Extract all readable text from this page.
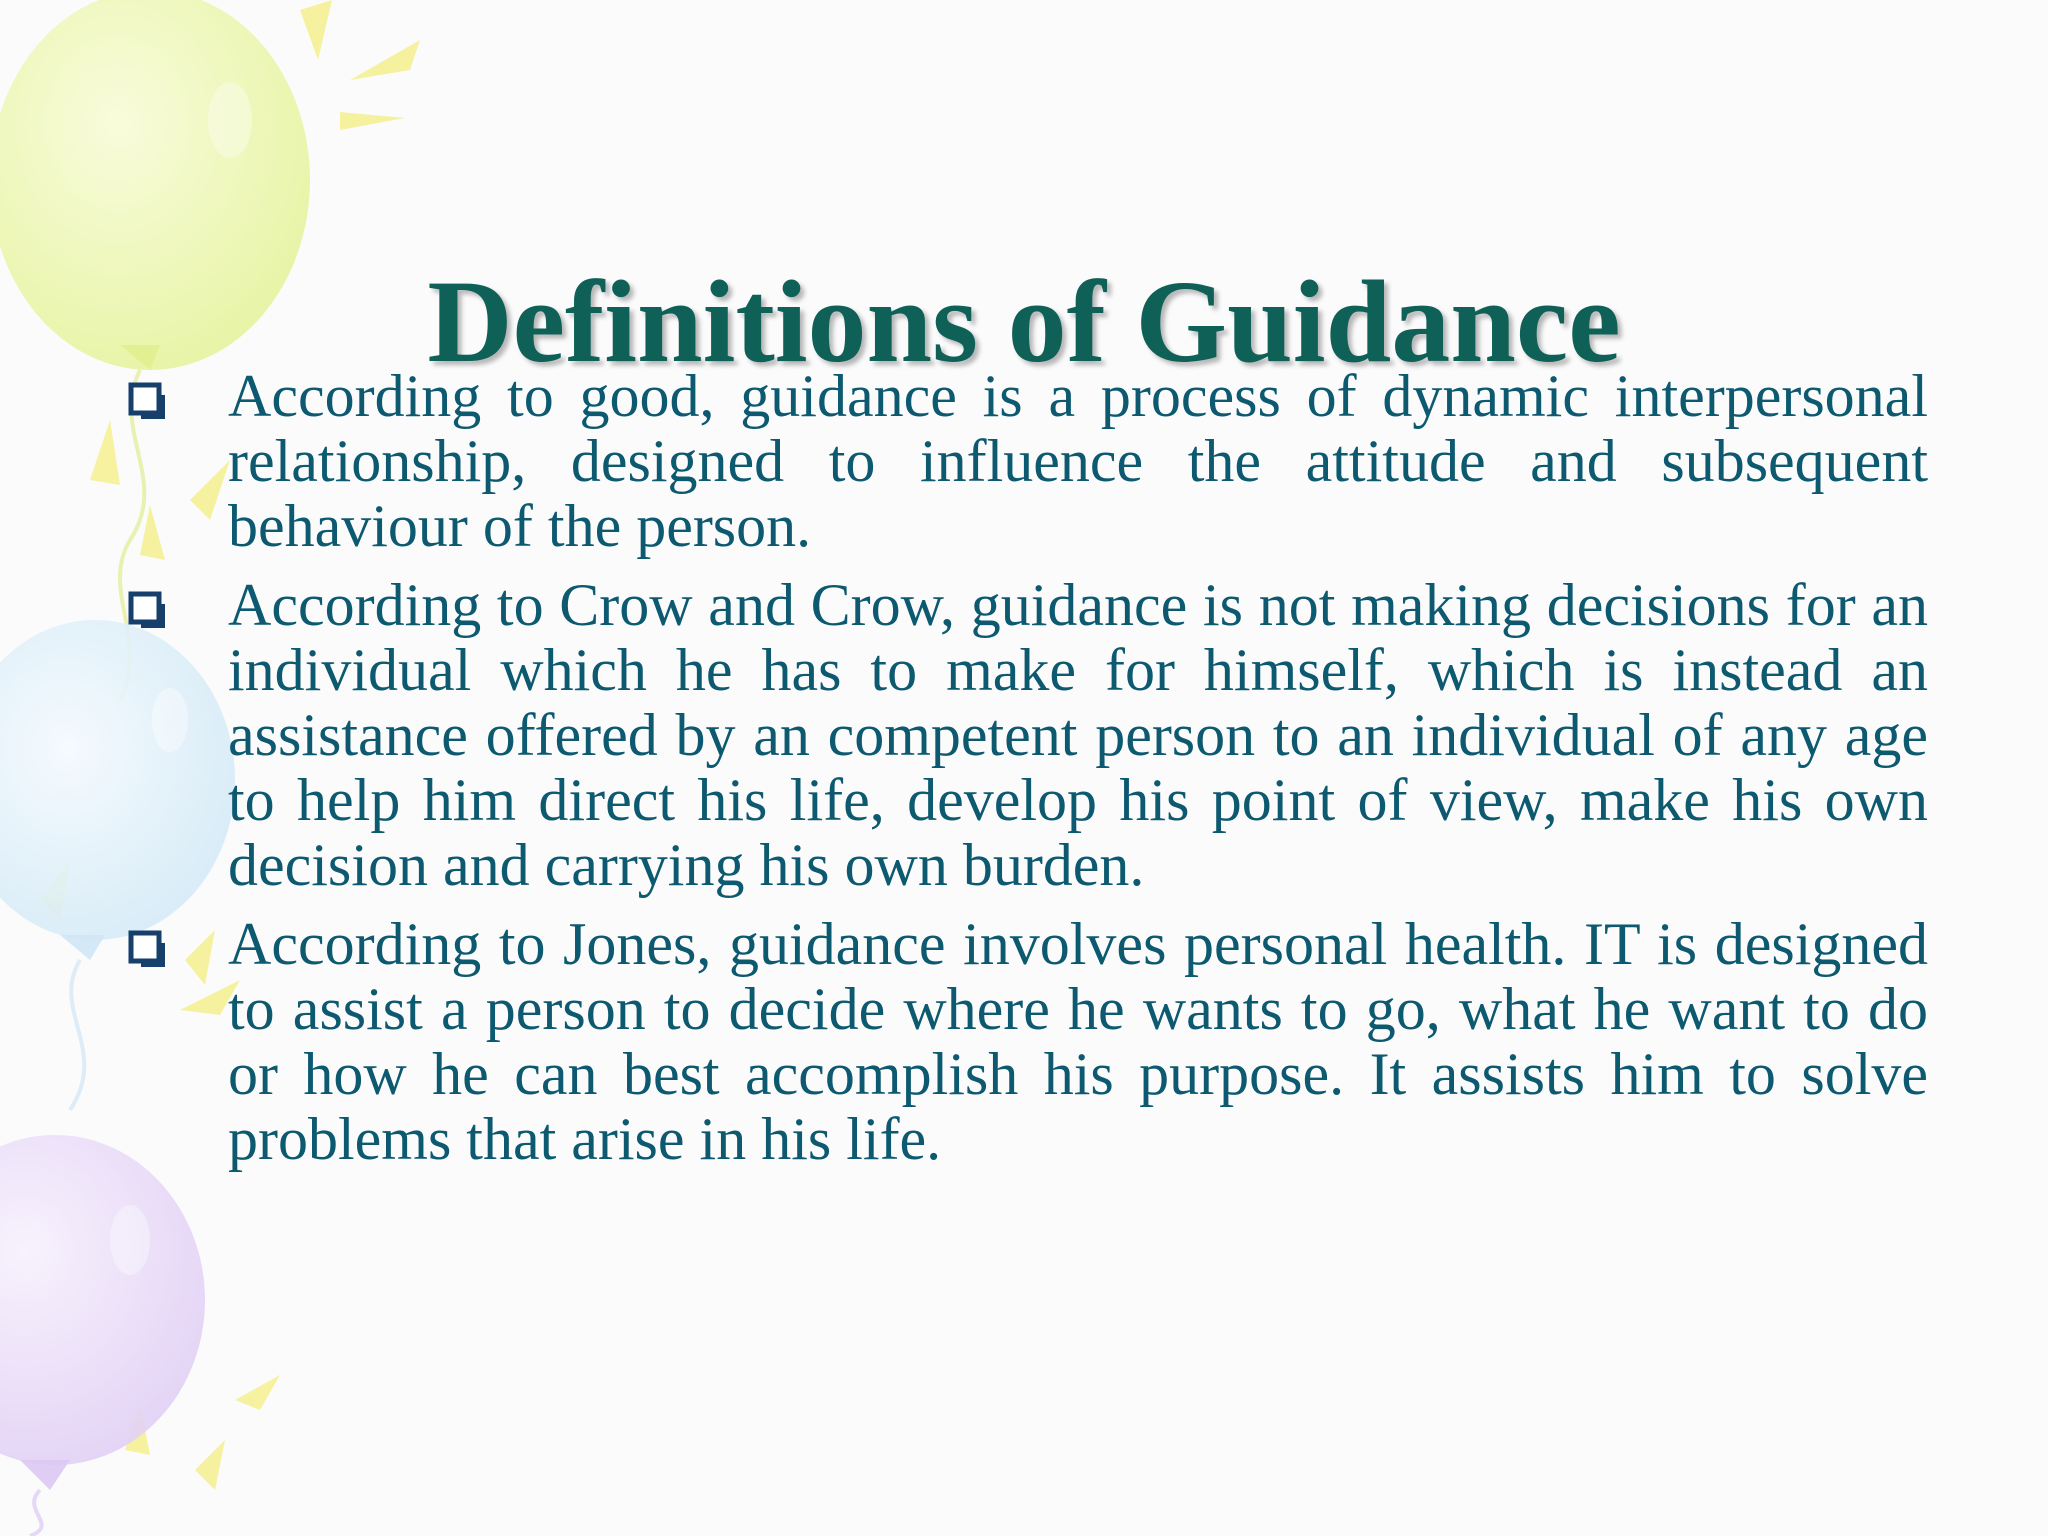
Definitions of Guidance
According to good, guidance is a process of dynamic interpersonal relationship, designed to influence the attitude and subsequent behaviour of the person.
According to Crow and Crow, guidance is not making decisions for an individual which he has to make for himself, which is instead an assistance offered by an competent person to an individual of any age to help him direct his life, develop his point of view, make his own decision and carrying his own burden.
According to Jones, guidance involves personal health. IT is designed to assist a person to decide where he wants to go, what he want to do or how he can best accomplish his purpose. It assists him to solve problems that arise in his life.
